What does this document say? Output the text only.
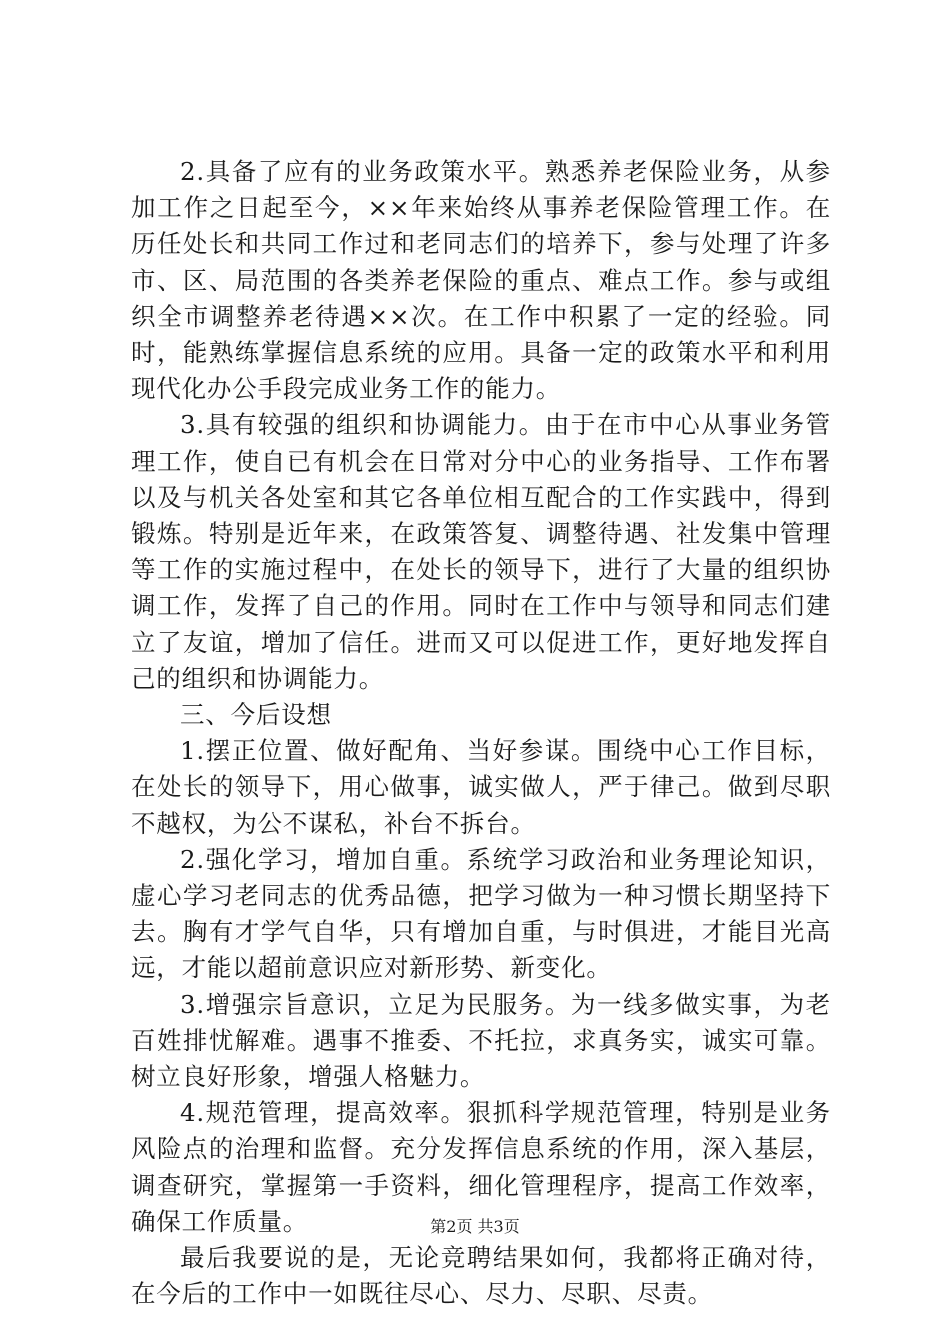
2.具备了应有的业务政策水平。熟悉养老保险业务，从参加工作之日起至今，××年来始终从事养老保险管理工作。在历任处长和共同工作过和老同志们的培养下，参与处理了许多市、区、局范围的各类养老保险的重点、难点工作。参与或组织全市调整养老待遇××次。在工作中积累了一定的经验。同时，能熟练掌握信息系统的应用。具备一定的政策水平和利用现代化办公手段完成业务工作的能力。

3.具有较强的组织和协调能力。由于在市中心从事业务管理工作，使自已有机会在日常对分中心的业务指导、工作布署以及与机关各处室和其它各单位相互配合的工作实践中，得到锻炼。特别是近年来，在政策答复、调整待遇、社发集中管理等工作的实施过程中，在处长的领导下，进行了大量的组织协调工作，发挥了自己的作用。同时在工作中与领导和同志们建立了友谊，增加了信任。进而又可以促进工作，更好地发挥自己的组织和协调能力。

三、今后设想

1.摆正位置、做好配角、当好参谋。围绕中心工作目标，在处长的领导下，用心做事，诚实做人，严于律己。做到尽职不越权，为公不谋私，补台不拆台。

2.强化学习，增加自重。系统学习政治和业务理论知识，虚心学习老同志的优秀品德，把学习做为一种习惯长期坚持下去。胸有才学气自华，只有增加自重，与时俱进，才能目光高远，才能以超前意识应对新形势、新变化。

3.增强宗旨意识，立足为民服务。为一线多做实事，为老百姓排忧解难。遇事不推委、不托拉，求真务实，诚实可靠。树立良好形象，增强人格魅力。

4.规范管理，提高效率。狠抓科学规范管理，特别是业务风险点的治理和监督。充分发挥信息系统的作用，深入基层，调查研究，掌握第一手资料，细化管理程序，提高工作效率，确保工作质量。

最后我要说的是，无论竞聘结果如何，我都将正确对待，在今后的工作中一如既往尽心、尽力、尽职、尽责。

第2页 共3页
